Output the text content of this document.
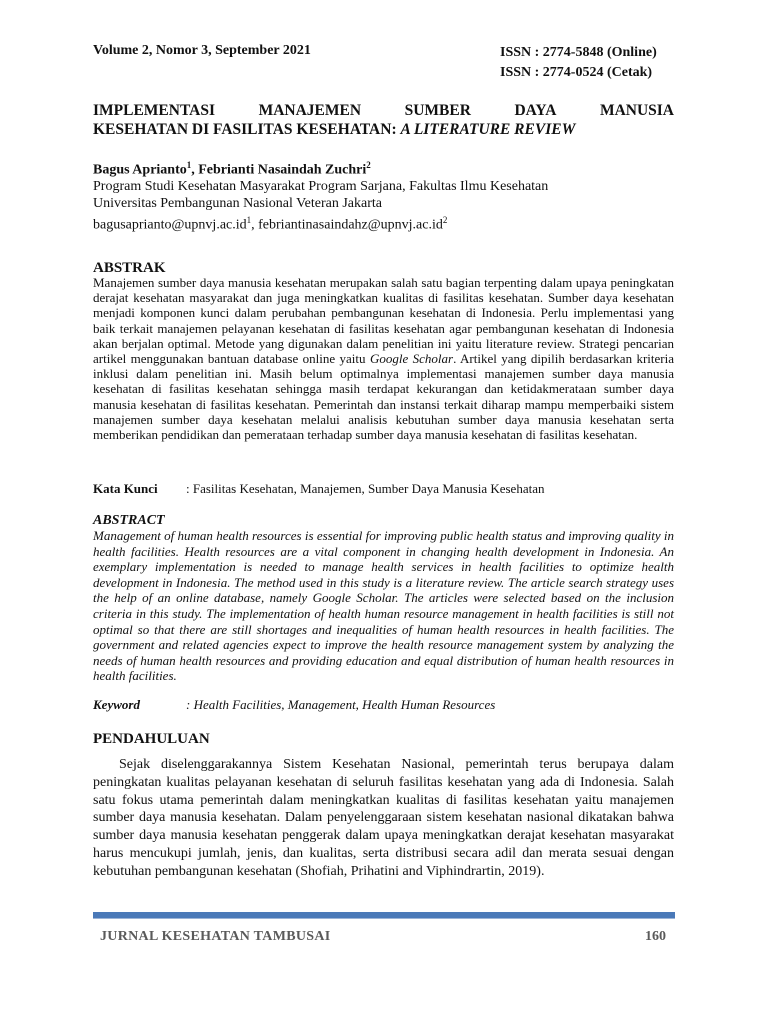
Volume 2, Nomor 3, September 2021	ISSN : 2774-5848 (Online)
ISSN : 2774-0524 (Cetak)
IMPLEMENTASI	MANAJEMEN	SUMBER	DAYA	MANUSIA
KESEHATAN DI FASILITAS KESEHATAN: A LITERATURE REVIEW
Bagus Aprianto$^1$, Febrianti Nasaindah Zuchri$^2$
Program Studi Kesehatan Masyarakat Program Sarjana, Fakultas Ilmu Kesehatan
Universitas Pembangunan Nasional Veteran Jakarta
$bagusaprianto@upnvj.ac.id^1$, $febriantinasaindahz@upnvj.ac.id^2$
ABSTRAK
Manajemen sumber daya manusia kesehatan merupakan salah satu bagian terpenting dalam upaya peningkatan derajat kesehatan masyarakat dan juga meningkatkan kualitas di fasilitas kesehatan. Sumber daya kesehatan menjadi komponen kunci dalam perubahan pembangunan kesehatan di Indonesia. Perlu implementasi yang baik terkait manajemen pelayanan kesehatan di fasilitas kesehatan agar pembangunan kesehatan di Indonesia akan berjalan optimal. Metode yang digunakan dalam penelitian ini yaitu literature review. Strategi pencarian artikel menggunakan bantuan database online yaitu Google Scholar. Artikel yang dipilih berdasarkan kriteria inklusi dalam penelitian ini. Masih belum optimalnya implementasi manajemen sumber daya manusia kesehatan di fasilitas kesehatan sehingga masih terdapat kekurangan dan ketidakmerataan sumber daya manusia kesehatan di fasilitas kesehatan. Pemerintah dan instansi terkait diharap mampu memperbaiki sistem manajemen sumber daya kesehatan melalui analisis kebutuhan sumber daya manusia kesehatan serta memberikan pendidikan dan pemerataan terhadap sumber daya manusia kesehatan di fasilitas kesehatan.
Kata Kunci : Fasilitas Kesehatan, Manajemen, Sumber Daya Manusia Kesehatan
ABSTRACT
Management of human health resources is essential for improving public health status and improving quality in health facilities. Health resources are a vital component in changing health development in Indonesia. An exemplary implementation is needed to manage health services in health facilities to optimize health development in Indonesia. The method used in this study is a literature review. The article search strategy uses the help of an online database, namely Google Scholar. The articles were selected based on the inclusion criteria in this study. The implementation of health human resource management in health facilities is still not optimal so that there are still shortages and inequalities of human health resources in health facilities. The government and related agencies expect to improve the health resource management system by analyzing the needs of human health resources and providing education and equal distribution of human health resources in health facilities.
Keyword	: Health Facilities, Management, Health Human Resources
PENDAHULUAN
Sejak diselenggarakannya Sistem Kesehatan Nasional, pemerintah terus berupaya dalam peningkatan kualitas pelayanan kesehatan di seluruh fasilitas kesehatan yang ada di Indonesia. Salah satu fokus utama pemerintah dalam meningkatkan kualitas di fasilitas kesehatan yaitu manajemen sumber daya manusia kesehatan. Dalam penyelenggaraan sistem kesehatan nasional dikatakan bahwa sumber daya manusia kesehatan penggerak dalam upaya meningkatkan derajat kesehatan masyarakat harus mencukupi jumlah, jenis, dan kualitas, serta distribusi secara adil dan merata sesuai dengan kebutuhan pembangunan kesehatan (Shofiah, Prihatini and Viphindrartin, 2019).
JURNAL KESEHATAN TAMBUSAI	160
